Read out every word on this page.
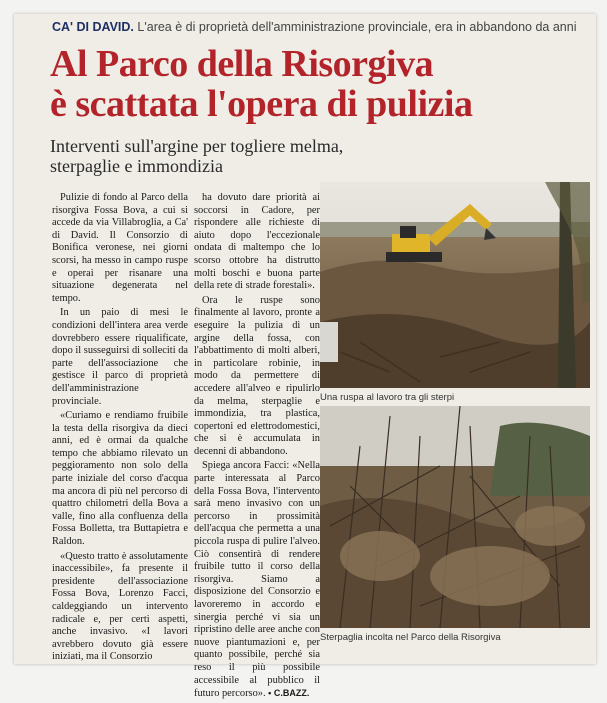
CA' DI DAVID. L'area è di proprietà dell'amministrazione provinciale, era in abbandono da anni
Al Parco della Risorgiva
è scattata l'opera di pulizia
Interventi sull'argine per togliere melma, sterpaglie e immondizia

Pulizie di fondo al Parco della risorgiva Fossa Bova, a cui si accede da via Villabroglia, a Ca' di David. Il Consorzio di Bonifica veronese, nei giorni scorsi, ha messo in campo ruspe e operai per risanare una situazione degenerata nel tempo.

In un paio di mesi le condizioni dell'intera area verde dovrebbero essere riqualificate, dopo il susseguirsi di solleciti da parte dell'associazione che gestisce il parco di proprietà dell'amministrazione provinciale.

«Curiamo e rendiamo fruibile la testa della risorgiva da dieci anni, ed è ormai da qualche tempo che abbiamo rilevato un peggioramento non solo della parte iniziale del corso d'acqua ma ancora di più nel percorso di quattro chilometri della Bova a valle, fino alla confluenza della Fossa Bolletta, tra Buttapietra e Raldon.

«Questo tratto è assolutamente inaccessibile», fa presente il presidente dell'associazione Fossa Bova, Lorenzo Facci, caldeggiando un intervento radicale e, per certi aspetti, anche invasivo. «I lavori avrebbero dovuto già essere iniziati, ma il Consorzio

ha dovuto dare priorità ai soccorsi in Cadore, per rispondere alle richieste di aiuto dopo l'eccezionale ondata di maltempo che lo scorso ottobre ha distrutto molti boschi e buona parte della rete di strade forestali».

Ora le ruspe sono finalmente al lavoro, pronte a eseguire la pulizia di un argine della fossa, con l'abbattimento di molti alberi, in particolare robinie, in modo da permettere di accedere all'alveo e ripulirlo da melma, sterpaglie e immondizia, tra plastica, copertoni ed elettrodomestici, che si è accumulata in decenni di abbandono.

Spiega ancora Facci: «Nella parte interessata al Parco della Fossa Bova, l'intervento sarà meno invasivo con un percorso in prossimità dell'acqua che permetta a una piccola ruspa di pulire l'alveo. Ciò consentirà di rendere fruibile tutto il corso della risorgiva. Siamo a disposizione del Consorzio e lavoreremo in accordo e sinergia perché vi sia un ripristino delle aree anche con nuove piantumazioni e, per quanto possibile, perché sia reso il più possibile accessibile al pubblico il futuro percorso». • C.BAZZ.

Una ruspa al lavoro tra gli sterpi
Sterpaglia incolta nel Parco della Risorgiva
